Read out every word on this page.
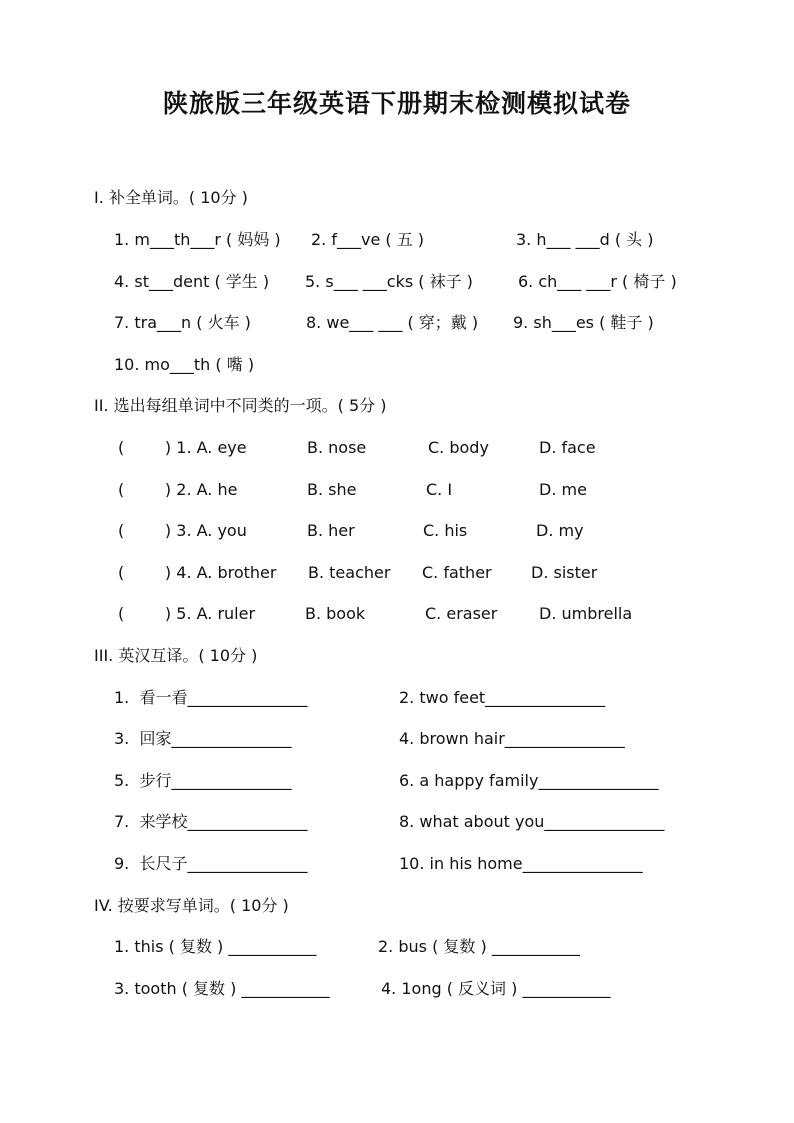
陕旅版三年级英语下册期末检测模拟试卷
I. 补全单词。( 10分 )
1. m___th___r ( 妈妈 ) 2. f___ve ( 五 )	3. h___ ___d ( 头 )
4. st___dent ( 学生 ) 5. s___ ___cks ( 袜子 )	6. ch___ ___r ( 椅子 )
7. tra___n ( 火车 )	8. we___ ___ ( 穿；戴 ) 9. sh___es ( 鞋子 )
10. mo___th ( 嘴 )
II. 选出每组单词中不同类的一项。( 5分 )
(        ) 1. A. eye	B. nose	C. body	D. face
(        ) 2. A. he	B. she	C. I	D. me
(        ) 3. A. you	B. her	C. his	D. my
(        ) 4. A. brother B. teacher C. father D. sister
(        ) 5. A. ruler	B. book	C. eraser	D. umbrella
III. 英汉互译。( 10分 )
1.  看一看_______________	2. two feet_______________
3.  回家_______________	4. brown hair_______________
5.  步行_______________	6. a happy family_______________
7.  来学校_______________	8. what about you_______________
9.  长尺子_______________	10. in his home_______________
IV. 按要求写单词。( 10分 )
1. this ( 复数 ) ___________	2. bus ( 复数 ) ___________
3. tooth ( 复数 ) ___________	4. 1ong ( 反义词 ) ___________
